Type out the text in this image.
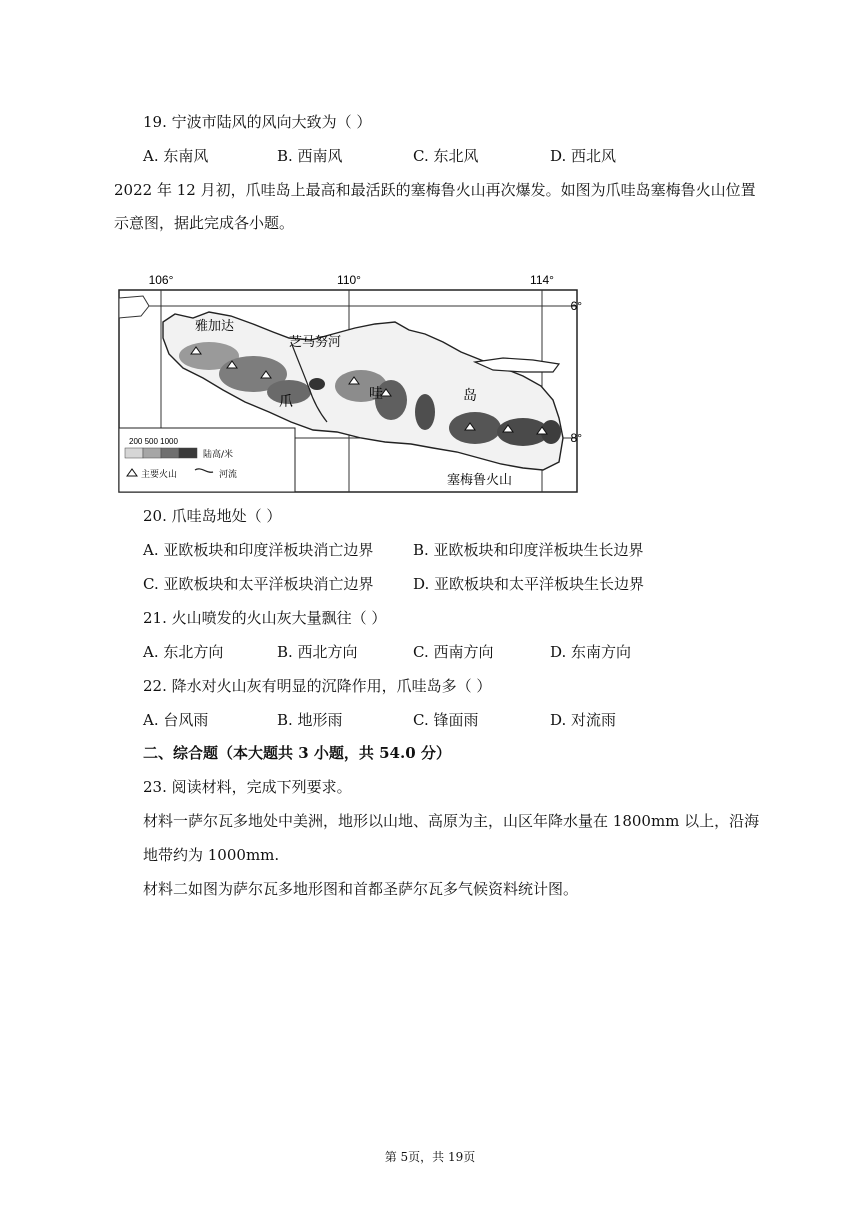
19. 宁波市陆风的风向大致为（ ）
A. 东南风	B. 西南风	C. 东北风	D. 西北风
2022 年 12 月初，爪哇岛上最高和最活跃的塞梅鲁火山再次爆发。如图为爪哇岛塞梅鲁火山位置
示意图，据此完成各小题。
106°	110°	114°
6°
8°
雅加达
芝马努河
爪	哇	岛
塞梅鲁火山
200 500 1000
陆高/米
主要火山	河流
20. 爪哇岛地处（ ）
A. 亚欧板块和印度洋板块消亡边界	B. 亚欧板块和印度洋板块生长边界
C. 亚欧板块和太平洋板块消亡边界	D. 亚欧板块和太平洋板块生长边界
21. 火山喷发的火山灰大量飘往（ ）
A. 东北方向	B. 西北方向	C. 西南方向	D. 东南方向
22. 降水对火山灰有明显的沉降作用，爪哇岛多（ ）
A. 台风雨	B. 地形雨	C. 锋面雨	D. 对流雨
二、综合题（本大题共 3 小题，共 54.0 分）
23. 阅读材料，完成下列要求。
材料一萨尔瓦多地处中美洲，地形以山地、高原为主，山区年降水量在 1800mm 以上，沿海
地带约为 1000mm.
材料二如图为萨尔瓦多地形图和首都圣萨尔瓦多气候资料统计图。
第 5页，共 19页
